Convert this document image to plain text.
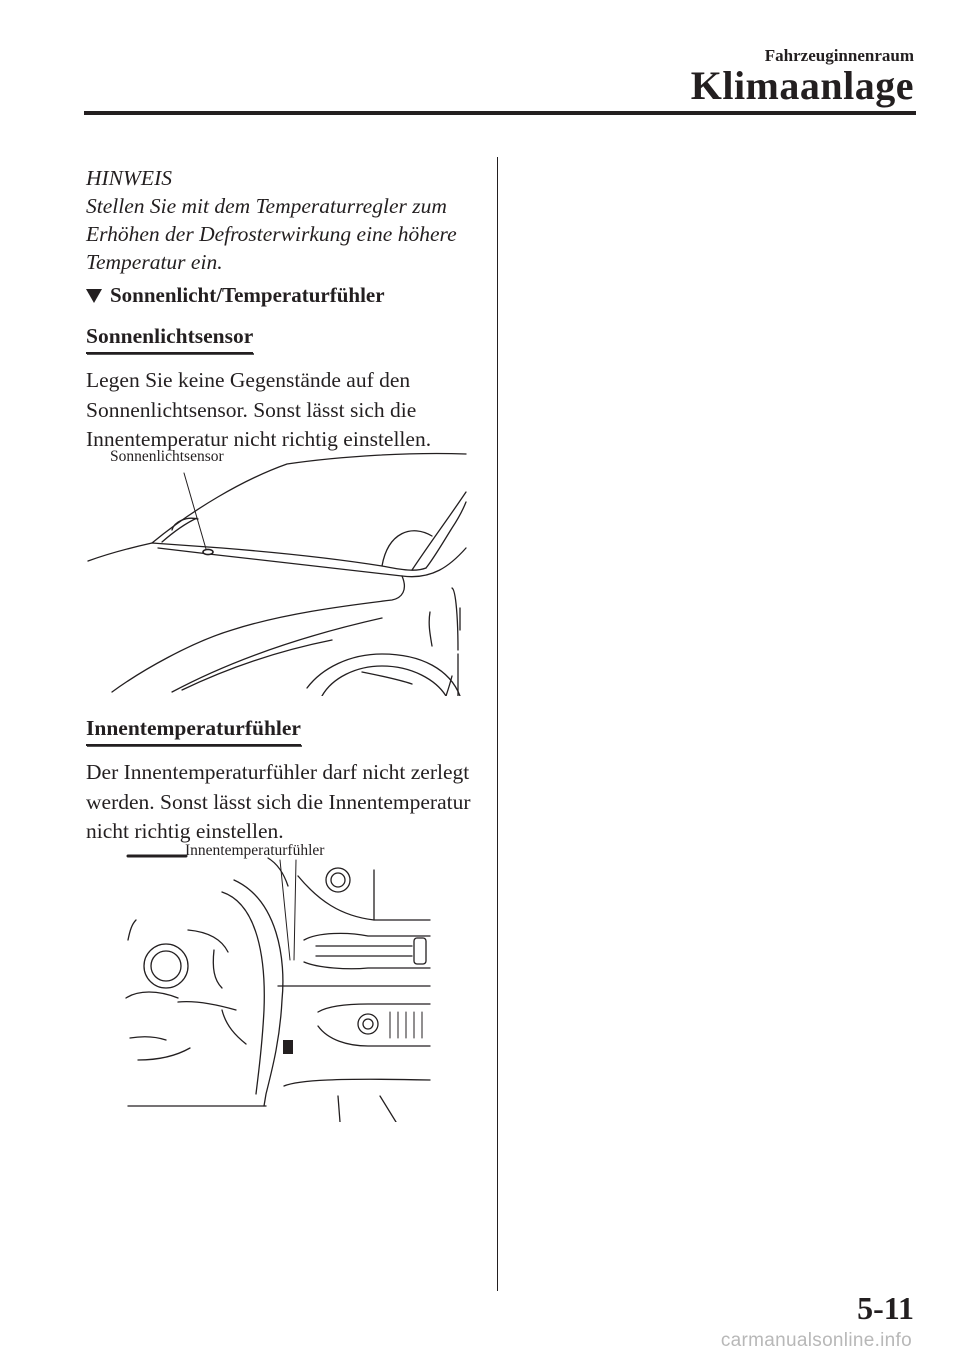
Fahrzeuginnenraum
Klimaanlage
HINWEIS
Stellen Sie mit dem Temperaturregler zum Erhöhen der Defrosterwirkung eine höhere Temperatur ein.
Sonnenlicht/Temperaturfühler
Sonnenlichtsensor
Legen Sie keine Gegenstände auf den Sonnenlichtsensor. Sonst lässt sich die Innentemperatur nicht richtig einstellen.
Sonnenlichtsensor
Innentemperaturfühler
Der Innentemperaturfühler darf nicht zerlegt werden. Sonst lässt sich die Innentemperatur nicht richtig einstellen.
Innentemperaturfühler
5-11
carmanualsonline.info
